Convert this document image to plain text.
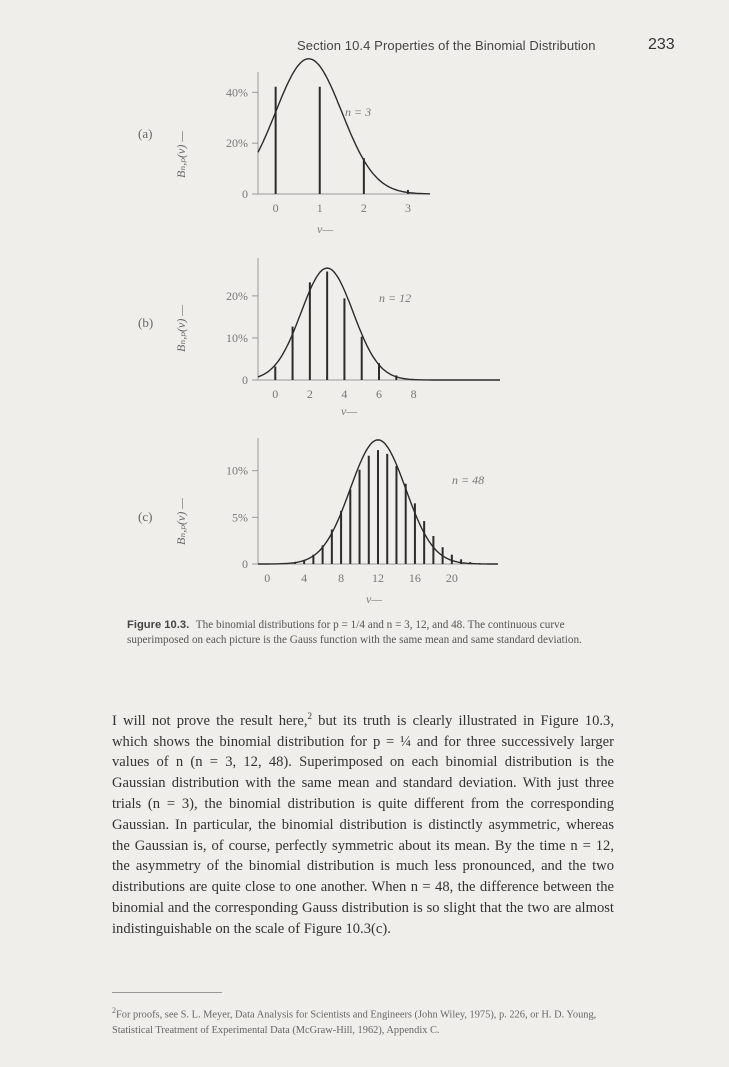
Section 10.4 Properties of the Binomial Distribution	233
(a) Bₙ,ₚ(ν) —
ν—
(b) Bₙ,ₚ(ν) —
ν—
(c) Bₙ,ₚ(ν) —
ν—
0
20%
40%
0	1	2	3
n = 3
0
10%
20%
0 2 4 6 8
n = 12
0
5%
10%
0	4	8 12 16 20
n = 48
Figure 10.3. The binomial distributions for p = 1/4 and n = 3, 12, and 48. The continuous curve superimposed on each picture is the Gauss function with the same mean and same standard deviation.

I will not prove the result here,$^2$ but its truth is clearly illustrated in Figure 10.3, which shows the binomial distribution for p = ¼ and for three successively larger values of n (n = 3, 12, 48). Superimposed on each binomial distribution is the Gaussian distribution with the same mean and standard deviation. With just three trials (n = 3), the binomial distribution is quite different from the corresponding Gaussian. In particular, the binomial distribution is distinctly asymmetric, whereas the Gaussian is, of course, perfectly symmetric about its mean. By the time n = 12, the asymmetry of the binomial distribution is much less pronounced, and the two distributions are quite close to one another. When n = 48, the difference between the binomial and the corresponding Gauss distribution is so slight that the two are almost indistinguishable on the scale of Figure 10.3(c).

$^2$For proofs, see S. L. Meyer, Data Analysis for Scientists and Engineers (John Wiley, 1975), p. 226, or H. D. Young, Statistical Treatment of Experimental Data (McGraw-Hill, 1962), Appendix C.
